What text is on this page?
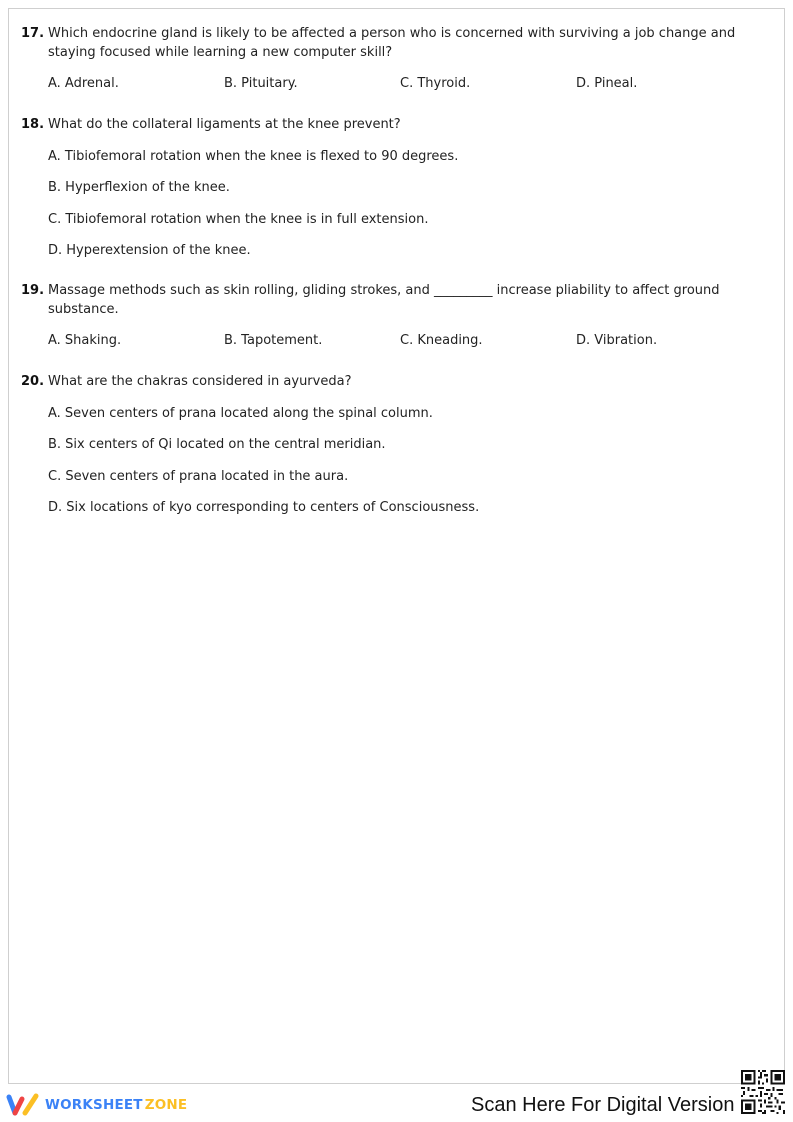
17. Which endocrine gland is likely to be affected a person who is concerned with surviving a job change and staying focused while learning a new computer skill?
A. Adrenal.	B. Pituitary.	C. Thyroid.	D. Pineal.
18. What do the collateral ligaments at the knee prevent?
A. Tibiofemoral rotation when the knee is flexed to 90 degrees.
B. Hyperflexion of the knee.
C. Tibiofemoral rotation when the knee is in full extension.
D. Hyperextension of the knee.
19. Massage methods such as skin rolling, gliding strokes, and _________ increase pliability to affect ground substance.
A. Shaking.	B. Tapotement.	C. Kneading.	D. Vibration.
20. What are the chakras considered in ayurveda?
A. Seven centers of prana located along the spinal column.
B. Six centers of Qi located on the central meridian.
C. Seven centers of prana located in the aura.
D. Six locations of kyo corresponding to centers of Consciousness.
WORKSHEET ZONE	Scan Here For Digital Version
